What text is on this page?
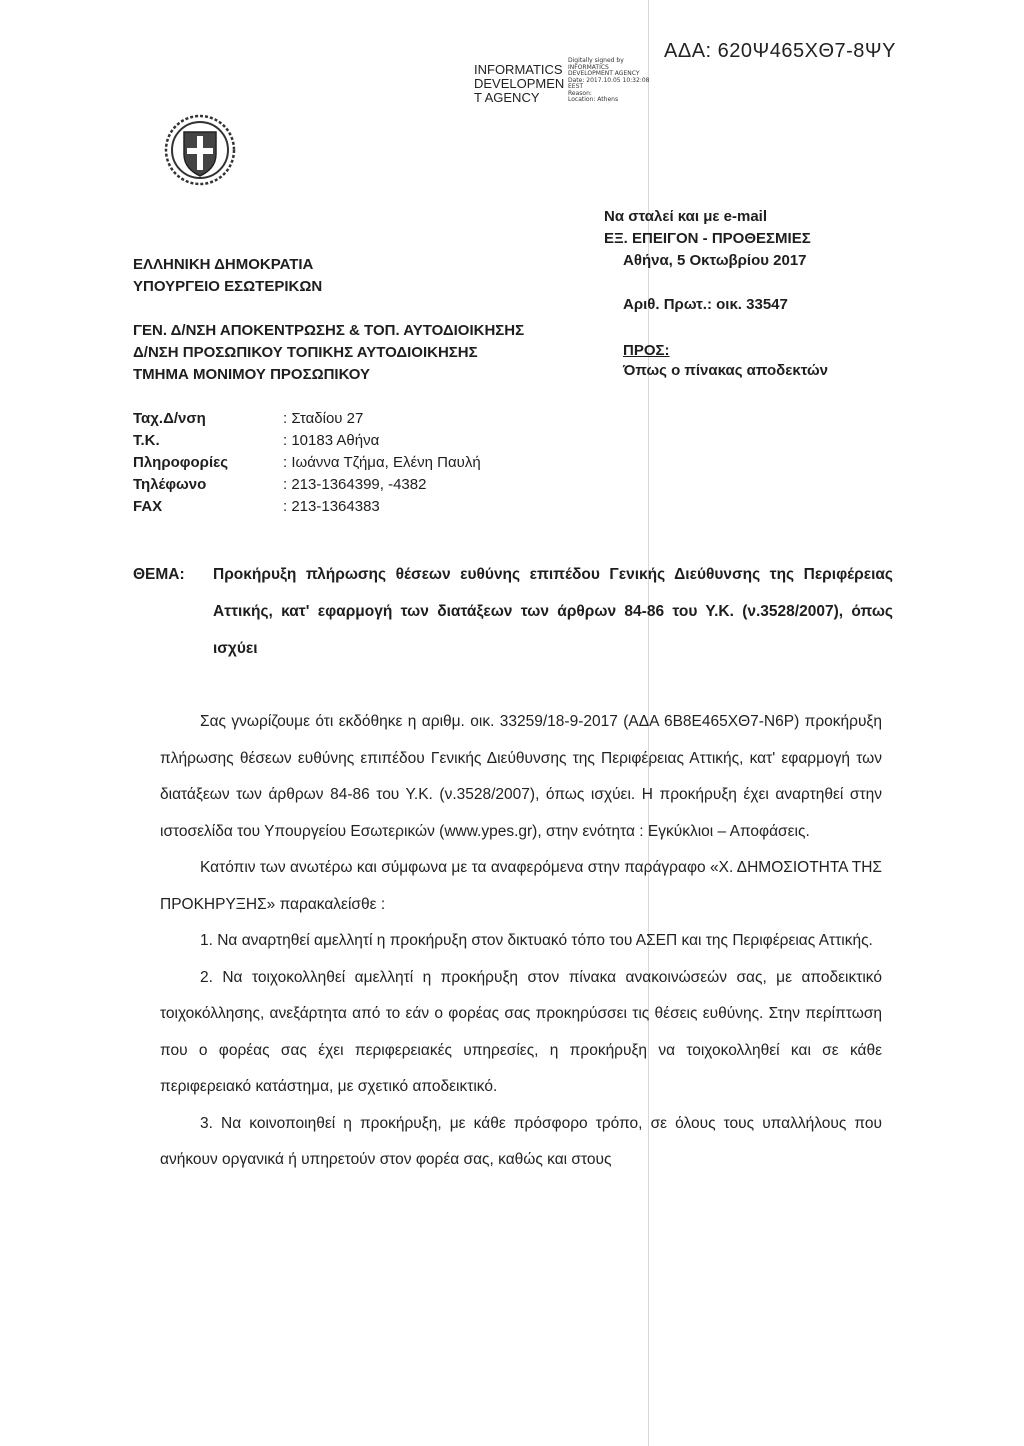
ΑΔΑ: 620Ψ465ΧΘ7-8ΨΥ
INFORMATICS
DEVELOPMEN
T AGENCY
Digitally signed by
INFORMATICS
DEVELOPMENT AGENCY
Date: 2017.10.05 10:32:08
EEST
Reason:
Location: Athens
ΕΛΛΗΝΙΚΗ ΔΗΜΟΚΡΑΤΙΑ
ΥΠΟΥΡΓΕΙΟ ΕΣΩΤΕΡΙΚΩΝ
ΓΕΝ. Δ/ΝΣΗ ΑΠΟΚΕΝΤΡΩΣΗΣ & ΤΟΠ. ΑΥΤΟΔΙΟΙΚΗΣΗΣ
Δ/ΝΣΗ ΠΡΟΣΩΠΙΚΟΥ ΤΟΠΙΚΗΣ ΑΥΤΟΔΙΟΙΚΗΣΗΣ
ΤΜΗΜΑ ΜΟΝΙΜΟΥ ΠΡΟΣΩΠΙΚΟΥ
Να σταλεί και με e-mail
ΕΞ. ΕΠΕΙΓΟΝ - ΠΡΟΘΕΣΜΙΕΣ
Αθήνα, 5 Οκτωβρίου 2017
Αριθ. Πρωτ.: οικ. 33547
ΠΡΟΣ:
Όπως ο πίνακας αποδεκτών
Ταχ.Δ/νση	: Σταδίου 27
Τ.Κ.	: 10183 Αθήνα
Πληροφορίες	: Ιωάννα Τζήμα, Ελένη Παυλή
Τηλέφωνο	: 213-1364399, -4382
FAX	: 213-1364383
ΘΕΜΑ: Προκήρυξη πλήρωσης θέσεων ευθύνης επιπέδου Γενικής Διεύθυνσης της Περιφέρειας Αττικής, κατ' εφαρμογή των διατάξεων των άρθρων 84-86 του Υ.Κ. (ν.3528/2007), όπως ισχύει

Σας γνωρίζουμε ότι εκδόθηκε η αριθμ. οικ. 33259/18-9-2017 (ΑΔΑ 6Β8Ε465ΧΘ7-Ν6Ρ) προκήρυξη πλήρωσης θέσεων ευθύνης επιπέδου Γενικής Διεύθυνσης της Περιφέρειας Αττικής, κατ' εφαρμογή των διατάξεων των άρθρων 84-86 του Υ.Κ. (ν.3528/2007), όπως ισχύει. Η προκήρυξη έχει αναρτηθεί στην ιστοσελίδα του Υπουργείου Εσωτερικών (www.ypes.gr), στην ενότητα : Εγκύκλιοι – Αποφάσεις.

Κατόπιν των ανωτέρω και σύμφωνα με τα αναφερόμενα στην παράγραφο «Χ. ΔΗΜΟΣΙΟΤΗΤΑ ΤΗΣ ΠΡΟΚΗΡΥΞΗΣ» παρακαλείσθε :

1. Να αναρτηθεί αμελλητί η προκήρυξη στον δικτυακό τόπο του ΑΣΕΠ και της Περιφέρειας Αττικής.

2. Να τοιχοκολληθεί αμελλητί η προκήρυξη στον πίνακα ανακοινώσεών σας, με αποδεικτικό τοιχοκόλλησης, ανεξάρτητα από το εάν ο φορέας σας προκηρύσσει τις θέσεις ευθύνης. Στην περίπτωση που ο φορέας σας έχει περιφερειακές υπηρεσίες, η προκήρυξη να τοιχοκολληθεί και σε κάθε περιφερειακό κατάστημα, με σχετικό αποδεικτικό.

3. Να κοινοποιηθεί η προκήρυξη, με κάθε πρόσφορο τρόπο, σε όλους τους υπαλλήλους που ανήκουν οργανικά ή υπηρετούν στον φορέα σας, καθώς και στους
